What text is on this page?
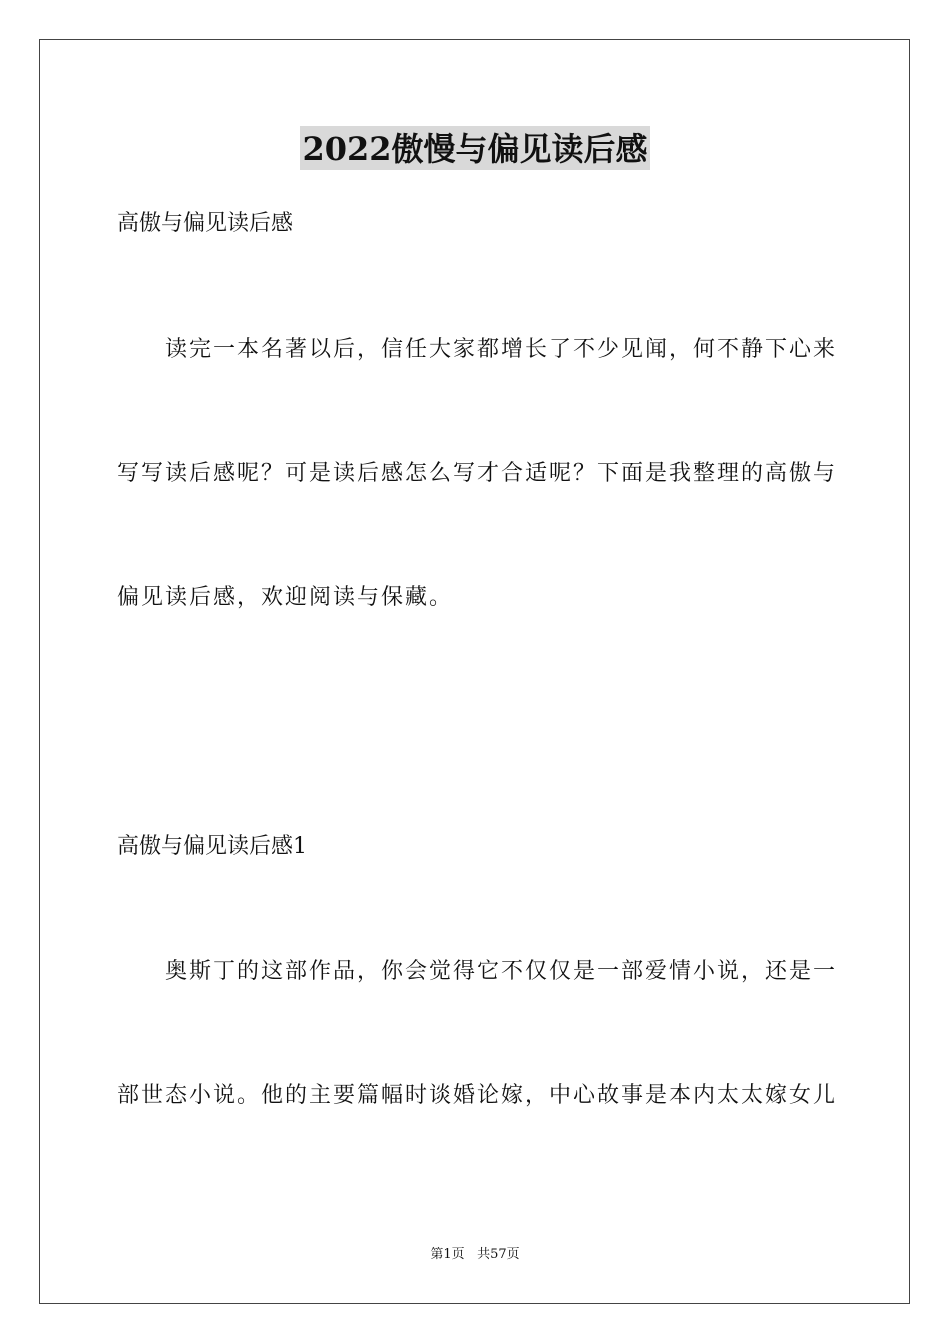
2022傲慢与偏见读后感
高傲与偏见读后感
读完一本名著以后，信任大家都增长了不少见闻，何不静下心来
写写读后感呢？可是读后感怎么写才合适呢？下面是我整理的高傲与
偏见读后感，欢迎阅读与保藏。
高傲与偏见读后感1
奥斯丁的这部作品，你会觉得它不仅仅是一部爱情小说，还是一
部世态小说。他的主要篇幅时谈婚论嫁，中心故事是本内太太嫁女儿
第1页 共57页
